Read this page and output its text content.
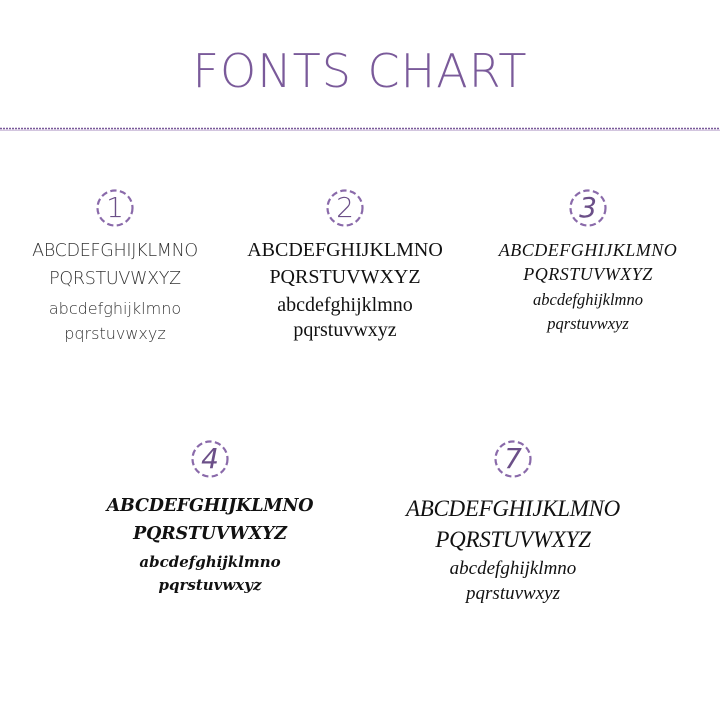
FONTS CHART
1
ABCDEFGHIJKLMNO
PQRSTUVWXYZ
abcdefghijklmno
pqrstuvwxyz
2
ABCDEFGHIJKLMNO
PQRSTUVWXYZ
abcdefghijklmno
pqrstuvwxyz
3
ABCDEFGHIJKLMNO
PQRSTUVWXYZ
abcdefghijklmno
pqrstuvwxyz
4
ABCDEFGHIJKLMNO
PQRSTUVWXYZ
abcdefghijklmno
pqrstuvwxyz
7
ABCDEFGHIJKLMNO
PQRSTUVWXYZ
abcdefghijklmno
pqrstuvwxyz
